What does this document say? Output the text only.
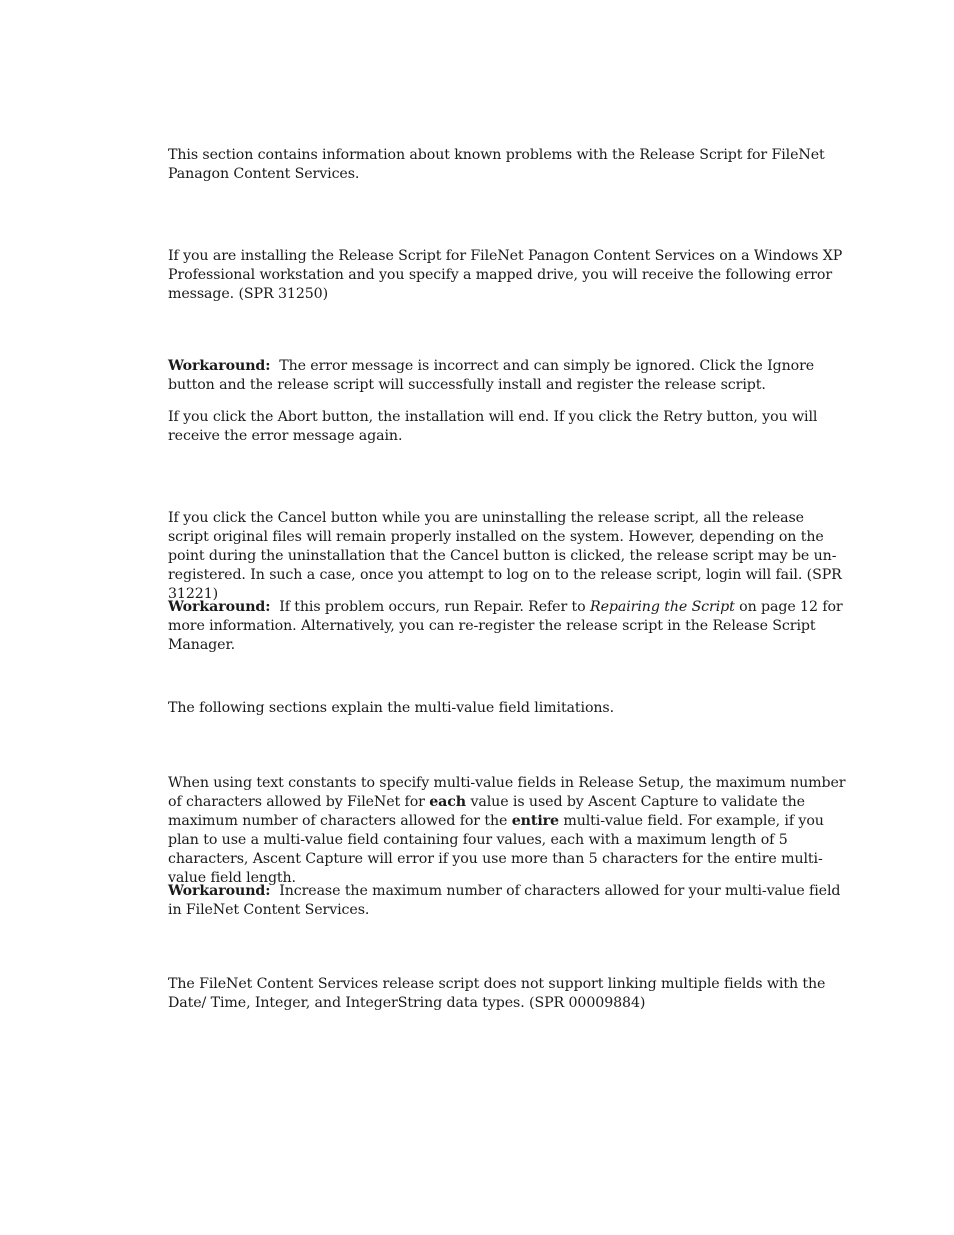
This section contains information about known problems with the Release Script for FileNet Panagon Content Services.

If you are installing the Release Script for FileNet Panagon Content Services on a Windows XP Professional workstation and you specify a mapped drive, you will receive the following error message. (SPR 31250)

Workaround: The error message is incorrect and can simply be ignored. Click the Ignore button and the release script will successfully install and register the release script.

If you click the Abort button, the installation will end. If you click the Retry button, you will receive the error message again.

If you click the Cancel button while you are uninstalling the release script, all the release script original files will remain properly installed on the system. However, depending on the point during the uninstallation that the Cancel button is clicked, the release script may be un-registered. In such a case, once you attempt to log on to the release script, login will fail. (SPR 31221)

Workaround: If this problem occurs, run Repair. Refer to Repairing the Script on page 12 for more information. Alternatively, you can re-register the release script in the Release Script Manager.

The following sections explain the multi-value field limitations.

When using text constants to specify multi-value fields in Release Setup, the maximum number of characters allowed by FileNet for each value is used by Ascent Capture to validate the maximum number of characters allowed for the entire multi-value field. For example, if you plan to use a multi-value field containing four values, each with a maximum length of 5 characters, Ascent Capture will error if you use more than 5 characters for the entire multi-value field length.

Workaround: Increase the maximum number of characters allowed for your multi-value field in FileNet Content Services.

The FileNet Content Services release script does not support linking multiple fields with the Date/ Time, Integer, and IntegerString data types. (SPR 00009884)
